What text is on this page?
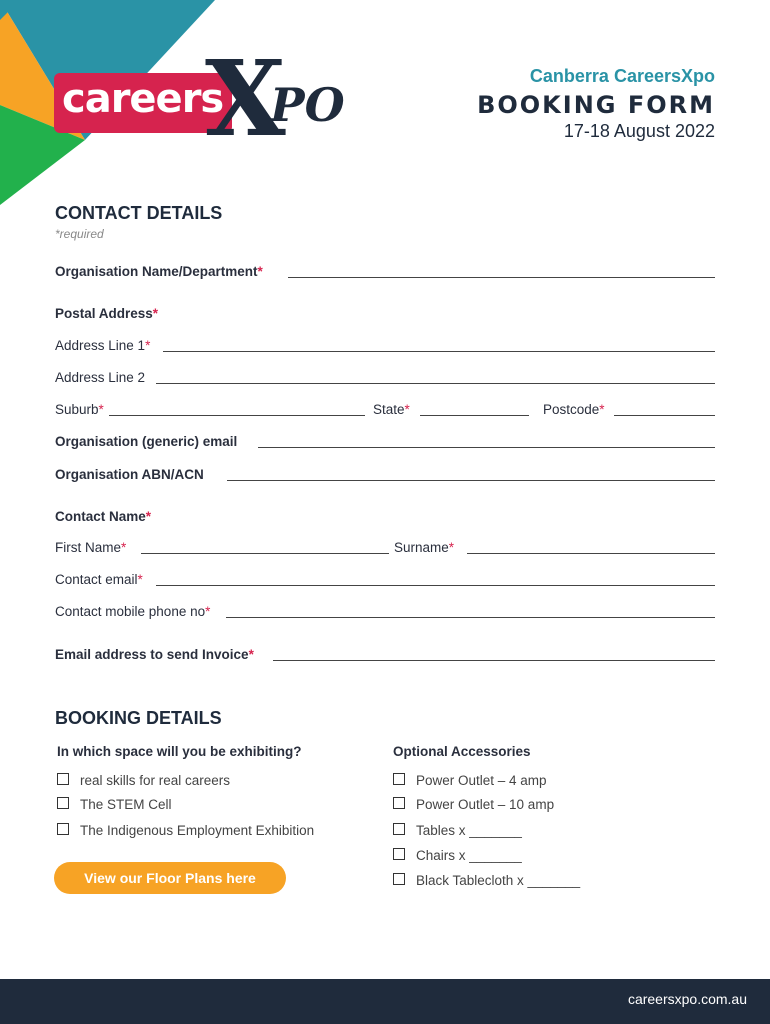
careers
X
PO
Canberra CareersXpo
BOOKING FORM
17-18 August 2022
CONTACT DETAILS
*required
Organisation Name/Department*
Postal Address*
Address Line 1*
Address Line 2
Suburb*	State*	Postcode*
Organisation (generic) email
Organisation ABN/ACN
Contact Name*
First Name*	Surname*
Contact email*
Contact mobile phone no*
Email address to send Invoice*
BOOKING DETAILS
In which space will you be exhibiting?	Optional Accessories
real skills for real careers
The STEM Cell
The Indigenous Employment Exhibition
Power Outlet – 4 amp
Power Outlet – 10 amp
Tables x _______
Chairs x _______
Black Tablecloth x _______
View our Floor Plans here
careersxpo.com.au
